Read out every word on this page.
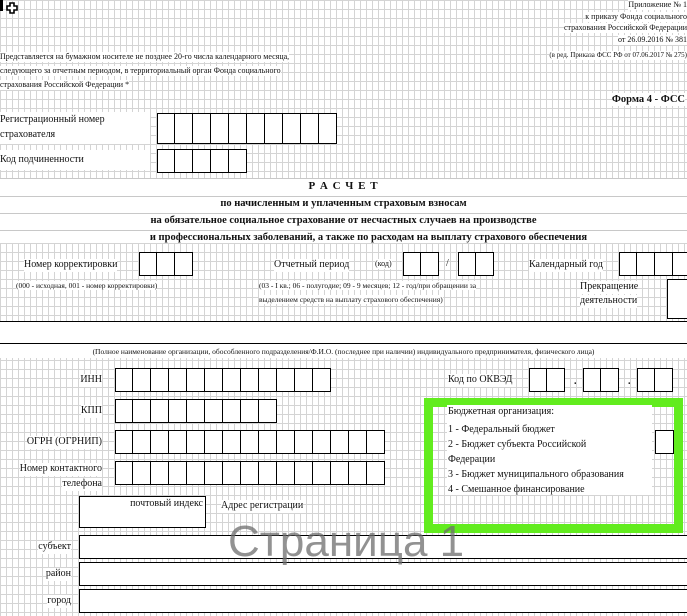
Приложение № 1
к приказу Фонда социального
страхования Российской Федерации
от 26.09.2016 № 381
(в ред. Приказа ФСС РФ от 07.06.2017 № 275)
Форма 4 - ФСС
Представляется на бумажном носителе не позднее 20-го числа календарного месяца,
следующего за отчетным периодом, в территориальный орган Фонда социального
страхования Российской Федерации *
Регистрационный номер
страхователя
Код подчиненности
Р А С Ч Е Т
по начисленным и уплаченным страховым взносам
на обязательное социальное страхование от несчастных случаев на производстве
и профессиональных заболеваний, а также по расходам на выплату страхового обеспечения
Номер корректировки
(000 - исходная, 001 - номер корректировки)
Отчетный период	(код)	/
(03 - I кв.; 06 - полугодие; 09 - 9 месяцев; 12 - год/при обращении за
выделением средств на выплату страхового обеспечения)
Календарный год
Прекращение
деятельности
(Полное наименование организации, обособленного подразделения/Ф.И.О. (последнее при наличии) индивидуального предпринимателя, физического лица)
ИНН
КПП
ОГРН (ОГРНИП)
Номер контактного
телефона
Код по ОКВЭД	.	.
Бюджетная организация:
1 - Федеральный бюджет
2 - Бюджет субъекта Российской
Федерации
3 - Бюджет муниципального образования
4 - Смешанное финансирование
почтовый индекс Адрес регистрации
субъект
район
город
Страница 1
